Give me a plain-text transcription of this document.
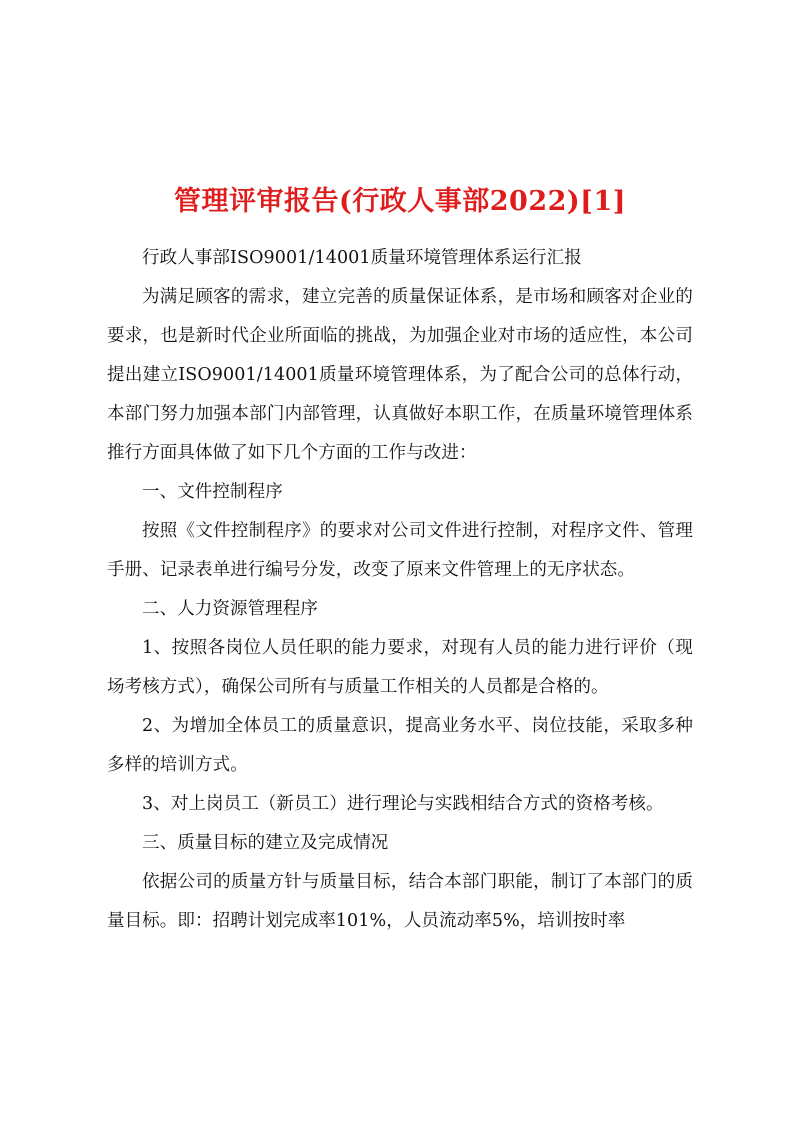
管理评审报告(行政人事部2022)[1]

行政人事部ISO9001/14001质量环境管理体系运行汇报

为满足顾客的需求，建立完善的质量保证体系，是市场和顾客对企业的要求，也是新时代企业所面临的挑战，为加强企业对市场的适应性，本公司提出建立ISO9001/14001质量环境管理体系，为了配合公司的总体行动，本部门努力加强本部门内部管理，认真做好本职工作，在质量环境管理体系推行方面具体做了如下几个方面的工作与改进：

一、文件控制程序

按照《文件控制程序》的要求对公司文件进行控制，对程序文件、管理手册、记录表单进行编号分发，改变了原来文件管理上的无序状态。

二、人力资源管理程序

1、按照各岗位人员任职的能力要求，对现有人员的能力进行评价（现场考核方式），确保公司所有与质量工作相关的人员都是合格的。

2、为增加全体员工的质量意识，提高业务水平、岗位技能，采取多种多样的培训方式。

3、对上岗员工（新员工）进行理论与实践相结合方式的资格考核。

三、质量目标的建立及完成情况

依据公司的质量方针与质量目标，结合本部门职能，制订了本部门的质量目标。即：招聘计划完成率101%，人员流动率5%，培训按时率
